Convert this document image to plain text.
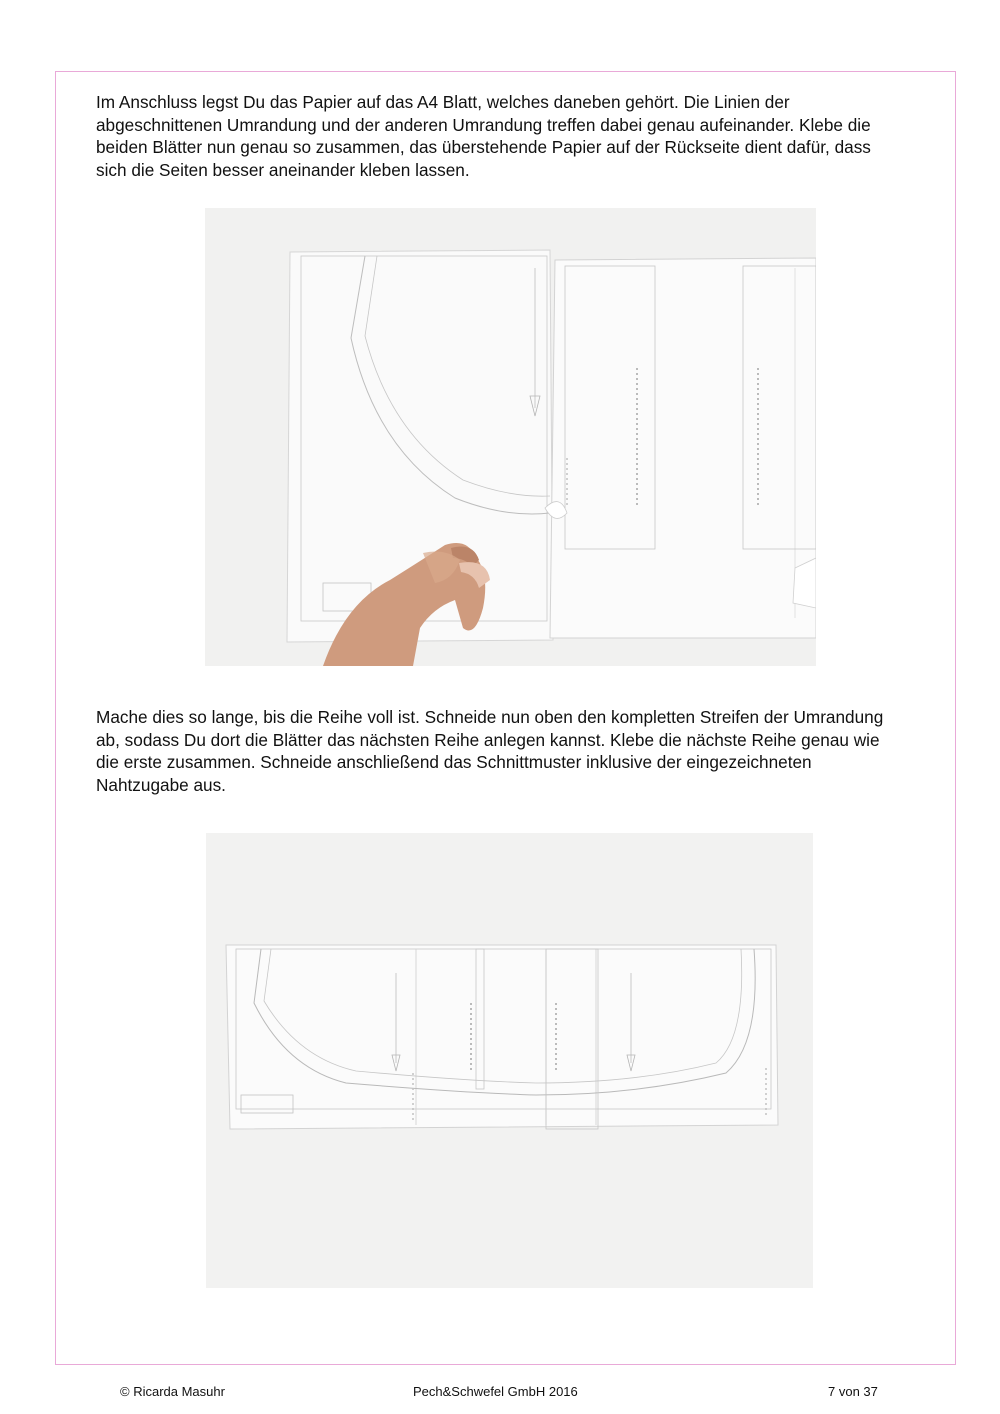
Im Anschluss legst Du das Papier auf das A4 Blatt, welches daneben gehört. Die Linien der abgeschnittenen Umrandung und der anderen Umrandung treffen dabei genau aufeinander. Klebe die beiden Blätter nun genau so zusammen, das überstehende Papier auf der Rückseite dient dafür, dass sich die Seiten besser aneinander kleben lassen.

Mache dies so lange, bis die Reihe voll ist. Schneide nun oben den kompletten Streifen der Umrandung ab, sodass Du dort die Blätter das nächsten Reihe anlegen kannst. Klebe die nächste Reihe genau wie die erste zusammen. Schneide anschließend das Schnittmuster inklusive der eingezeichneten Nahtzugabe aus.

© Ricarda Masuhr	Pech&Schwefel GmbH 2016	7 von 37
